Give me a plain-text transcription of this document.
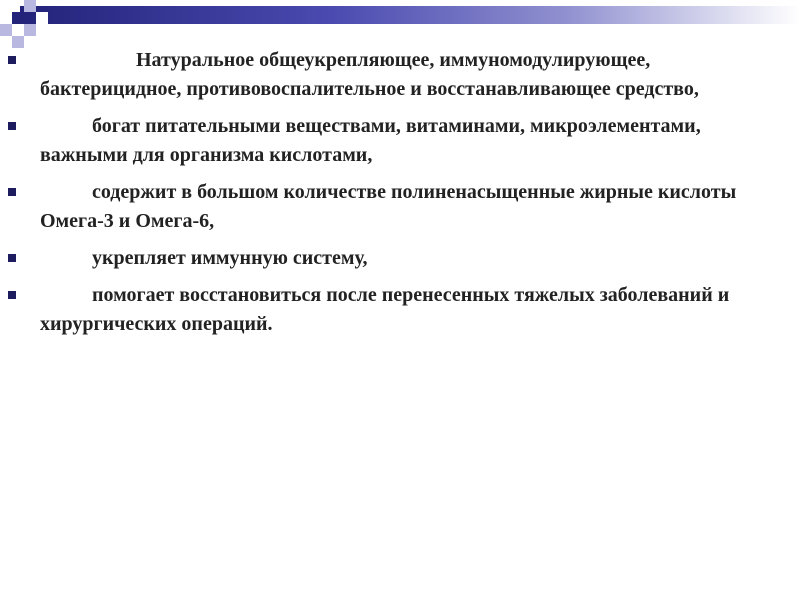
Натуральное общеукрепляющее, иммуномодулирующее, бактерицидное, противовоспалительное и восстанавливающее средство,
богат питательными веществами, витаминами, микроэлементами, важными для организма кислотами,
содержит в большом количестве полиненасыщенные жирные кислоты Омега-3 и Омега-6,
укрепляет иммунную систему,
помогает восстановиться после перенесенных тяжелых заболеваний и хирургических операций.
